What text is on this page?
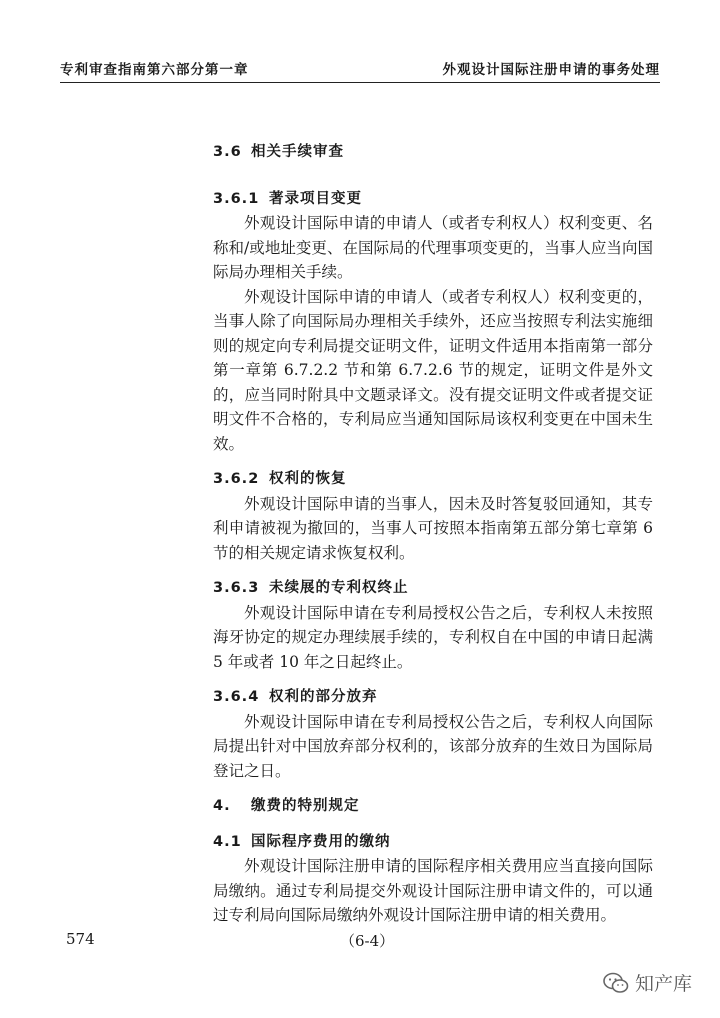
专利审查指南第六部分第一章	外观设计国际注册申请的事务处理
3.6 相关手续审查
3.6.1 著录项目变更

外观设计国际申请的申请人（或者专利权人）权利变更、名称和/或地址变更、在国际局的代理事项变更的，当事人应当向国际局办理相关手续。

外观设计国际申请的申请人（或者专利权人）权利变更的，当事人除了向国际局办理相关手续外，还应当按照专利法实施细则的规定向专利局提交证明文件，证明文件适用本指南第一部分第一章第 6.7.2.2 节和第 6.7.2.6 节的规定，证明文件是外文的，应当同时附具中文题录译文。没有提交证明文件或者提交证明文件不合格的，专利局应当通知国际局该权利变更在中国未生效。

3.6.2 权利的恢复

外观设计国际申请的当事人，因未及时答复驳回通知，其专利申请被视为撤回的，当事人可按照本指南第五部分第七章第 6 节的相关规定请求恢复权利。

3.6.3 未续展的专利权终止

外观设计国际申请在专利局授权公告之后，专利权人未按照海牙协定的规定办理续展手续的，专利权自在中国的申请日起满 5 年或者 10 年之日起终止。

3.6.4 权利的部分放弃

外观设计国际申请在专利局授权公告之后，专利权人向国际局提出针对中国放弃部分权利的，该部分放弃的生效日为国际局登记之日。

4. 缴费的特别规定
4.1 国际程序费用的缴纳

外观设计国际注册申请的国际程序相关费用应当直接向国际局缴纳。通过专利局提交外观设计国际注册申请文件的，可以通过专利局向国际局缴纳外观设计国际注册申请的相关费用。

574	（6-4）
知产库
